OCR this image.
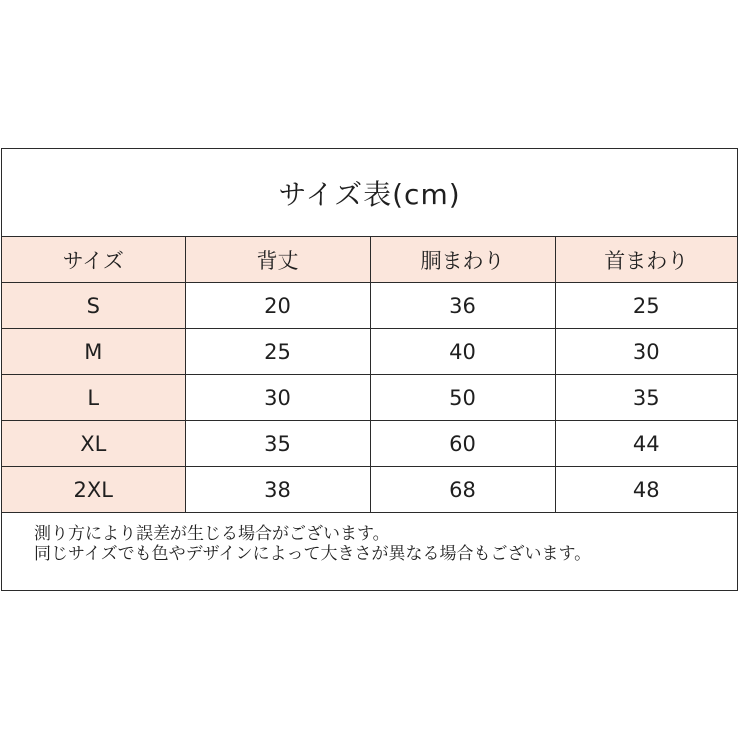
サイズ表(cm)
サイズ	背丈	胴まわり	首まわり
S	20	36	25
M	25	40	30
L	30	50	35
XL	35	60	44
2XL	38	68	48
測り方により誤差が生じる場合がございます。
同じサイズでも色やデザインによって大きさが異なる場合もございます。
